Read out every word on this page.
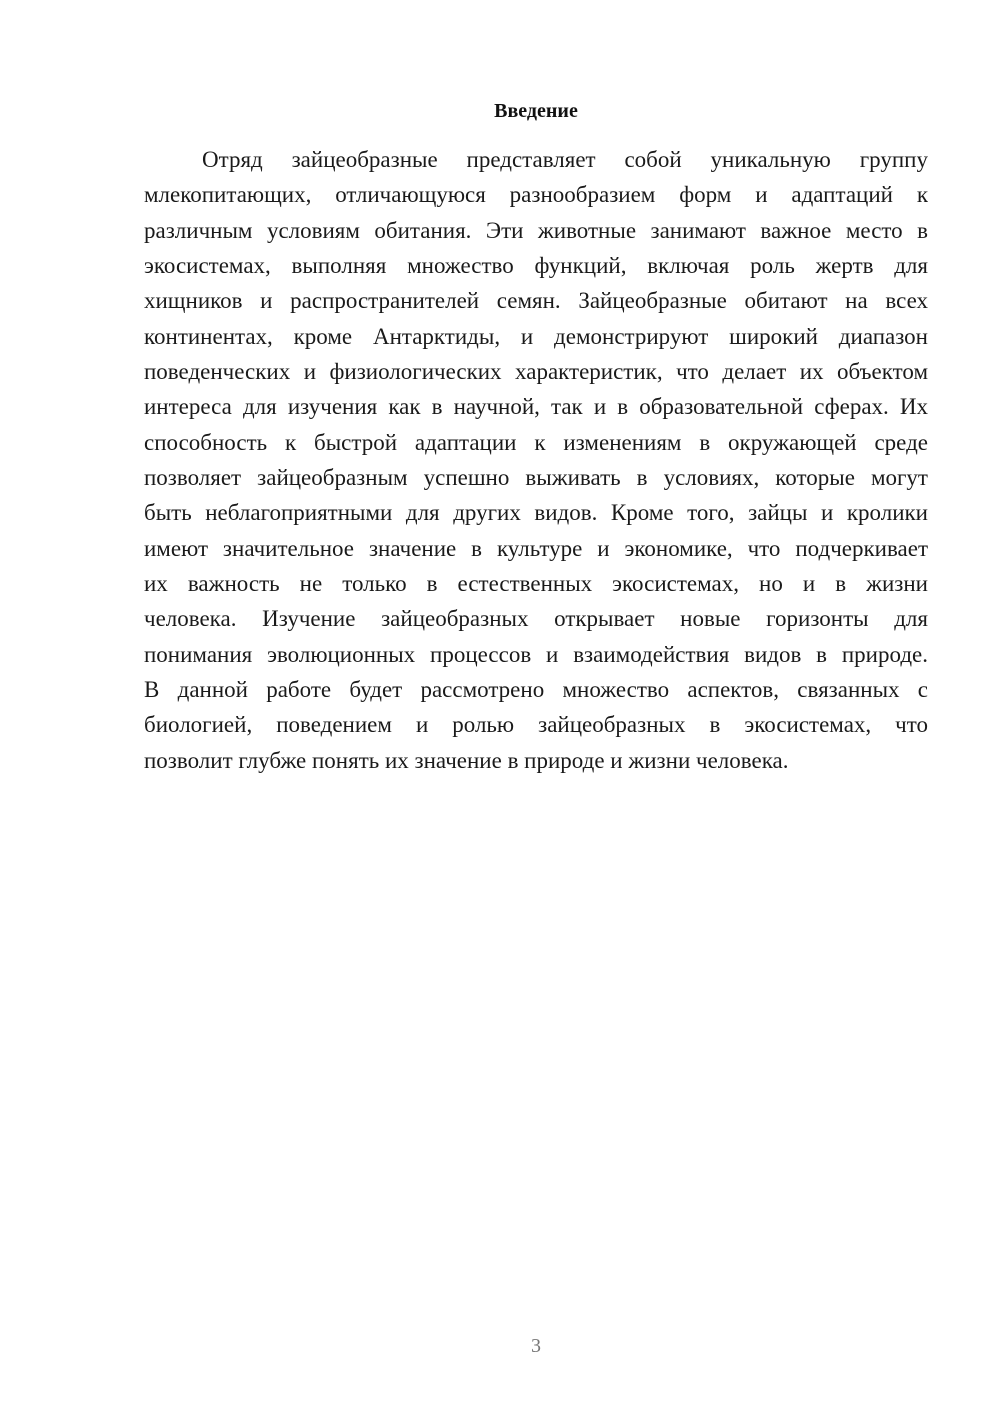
Введение
Отряд зайцеобразные представляет собой уникальную группу
млекопитающих, отличающуюся разнообразием форм и адаптаций к
различным условиям обитания. Эти животные занимают важное место в
экосистемах, выполняя множество функций, включая роль жертв для
хищников и распространителей семян. Зайцеобразные обитают на всех
континентах, кроме Антарктиды, и демонстрируют широкий диапазон
поведенческих и физиологических характеристик, что делает их объектом
интереса для изучения как в научной, так и в образовательной сферах. Их
способность к быстрой адаптации к изменениям в окружающей среде
позволяет зайцеобразным успешно выживать в условиях, которые могут
быть неблагоприятными для других видов. Кроме того, зайцы и кролики
имеют значительное значение в культуре и экономике, что подчеркивает
их важность не только в естественных экосистемах, но и в жизни
человека. Изучение зайцеобразных открывает новые горизонты для
понимания эволюционных процессов и взаимодействия видов в природе.
В данной работе будет рассмотрено множество аспектов, связанных с
биологией, поведением и ролью зайцеобразных в экосистемах, что
позволит глубже понять их значение в природе и жизни человека.
3
